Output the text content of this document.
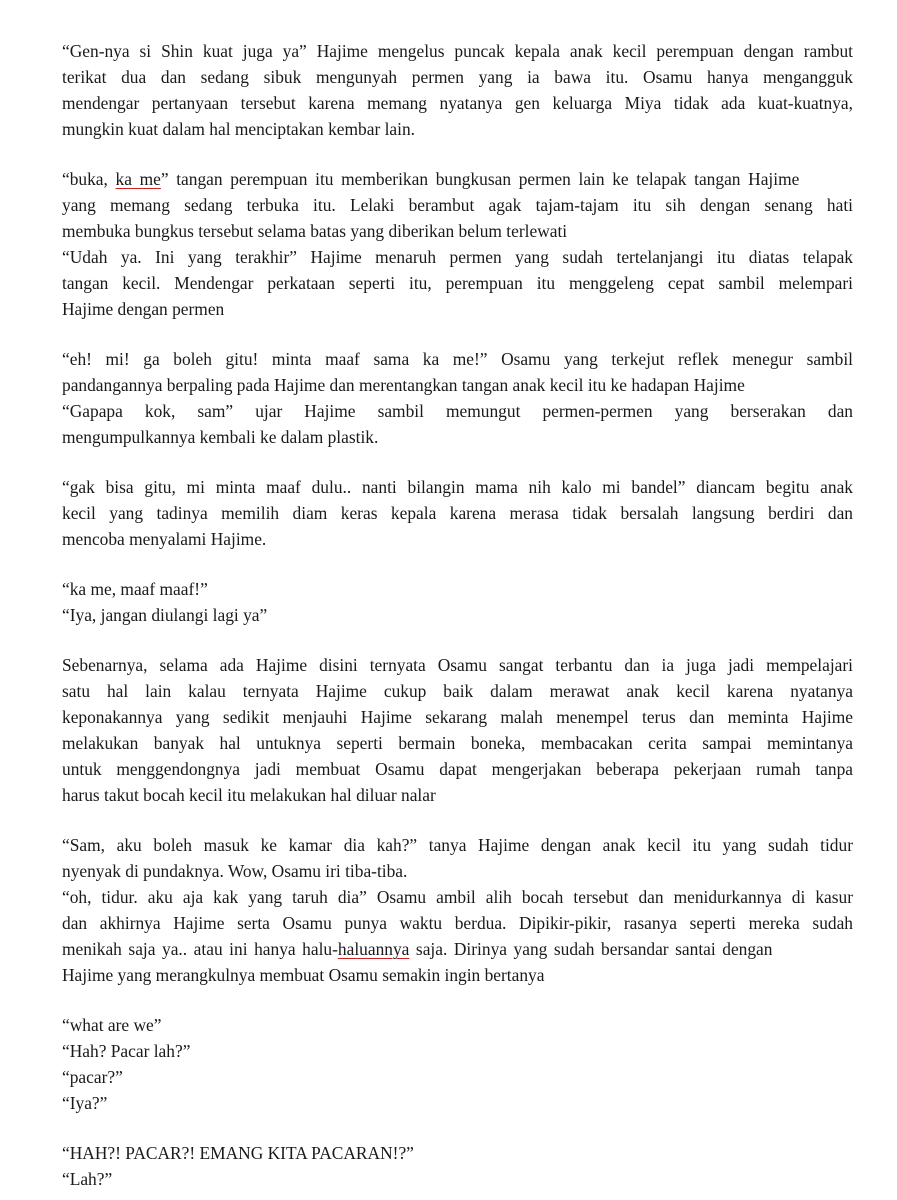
“Gen-nya si Shin kuat juga ya” Hajime mengelus puncak kepala anak kecil perempuan dengan rambut
terikat dua dan sedang sibuk mengunyah permen yang ia bawa itu. Osamu hanya mengangguk
mendengar pertanyaan tersebut karena memang nyatanya gen keluarga Miya tidak ada kuat-kuatnya,
mungkin kuat dalam hal menciptakan kembar lain.
“buka, ka me” tangan perempuan itu memberikan bungkusan permen lain ke telapak tangan Hajime
yang memang sedang terbuka itu. Lelaki berambut agak tajam-tajam itu sih dengan senang hati
membuka bungkus tersebut selama batas yang diberikan belum terlewati
“Udah ya. Ini yang terakhir” Hajime menaruh permen yang sudah tertelanjangi itu diatas telapak
tangan kecil. Mendengar perkataan seperti itu, perempuan itu menggeleng cepat sambil melempari
Hajime dengan permen
“eh! mi! ga boleh gitu! minta maaf sama ka me!” Osamu yang terkejut reflek menegur sambil
pandangannya berpaling pada Hajime dan merentangkan tangan anak kecil itu ke hadapan Hajime
“Gapapa kok, sam” ujar Hajime sambil memungut permen-permen yang berserakan dan
mengumpulkannya kembali ke dalam plastik.
“gak bisa gitu, mi minta maaf dulu.. nanti bilangin mama nih kalo mi bandel” diancam begitu anak
kecil yang tadinya memilih diam keras kepala karena merasa tidak bersalah langsung berdiri dan
mencoba menyalami Hajime.
“ka me, maaf maaf!”
“Iya, jangan diulangi lagi ya”
Sebenarnya, selama ada Hajime disini ternyata Osamu sangat terbantu dan ia juga jadi mempelajari
satu hal lain kalau ternyata Hajime cukup baik dalam merawat anak kecil karena nyatanya
keponakannya yang sedikit menjauhi Hajime sekarang malah menempel terus dan meminta Hajime
melakukan banyak hal untuknya seperti bermain boneka, membacakan cerita sampai memintanya
untuk menggendongnya jadi membuat Osamu dapat mengerjakan beberapa pekerjaan rumah tanpa
harus takut bocah kecil itu melakukan hal diluar nalar
“Sam, aku boleh masuk ke kamar dia kah?” tanya Hajime dengan anak kecil itu yang sudah tidur
nyenyak di pundaknya. Wow, Osamu iri tiba-tiba.
“oh, tidur. aku aja kak yang taruh dia” Osamu ambil alih bocah tersebut dan menidurkannya di kasur
dan akhirnya Hajime serta Osamu punya waktu berdua. Dipikir-pikir, rasanya seperti mereka sudah
menikah saja ya.. atau ini hanya halu-haluannya saja. Dirinya yang sudah bersandar santai dengan
Hajime yang merangkulnya membuat Osamu semakin ingin bertanya
“what are we”
“Hah? Pacar lah?”
“pacar?”
“Iya?”
“HAH?! PACAR?! EMANG KITA PACARAN!?”
“Lah?”
